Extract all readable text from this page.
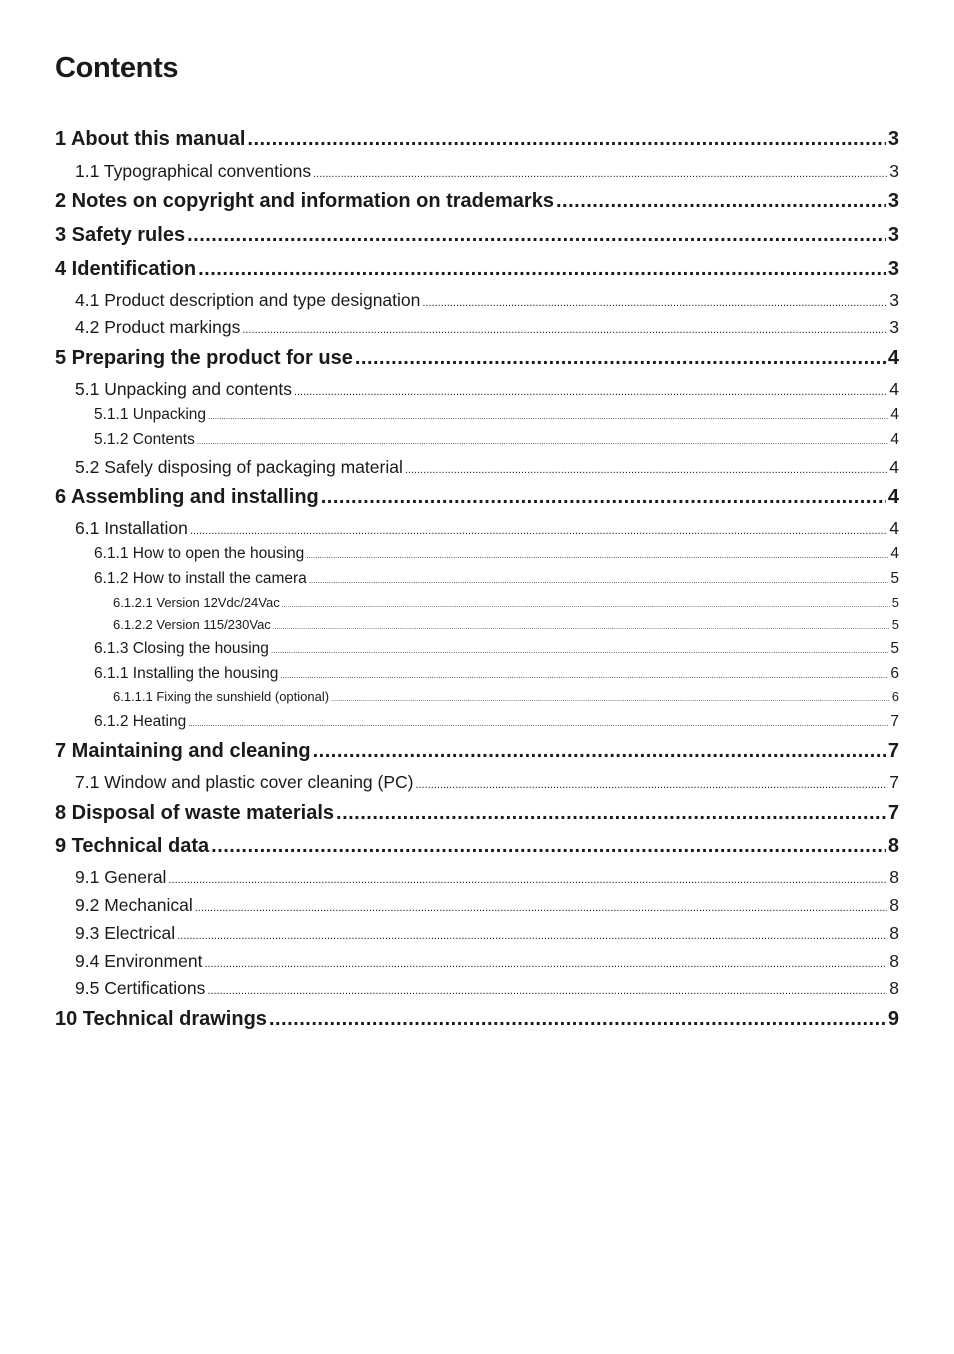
Contents
1 About this manual .....	3
1.1 Typographical conventions .....	3
2 Notes on copyright and information on trademarks .....	3
3 Safety rules .....	3
4 Identification .....	3
4.1 Product description and type designation .....	3
4.2 Product markings .....	3
5 Preparing the product for use .....	4
5.1 Unpacking and contents .....	4
5.1.1 Unpacking .....	4
5.1.2 Contents .....	4
5.2 Safely disposing of packaging material .....	4
6 Assembling and installing .....	4
6.1 Installation .....	4
6.1.1 How to open the housing .....	4
6.1.2 How to install the camera .....	5
6.1.2.1 Version 12Vdc/24Vac .....	5
6.1.2.2 Version 115/230Vac .....	5
6.1.3 Closing the housing .....	5
6.1.1 Installing the housing .....	6
6.1.1.1 Fixing the sunshield (optional) .....	6
6.1.2 Heating .....	7
7 Maintaining and cleaning .....	7
7.1 Window and plastic cover cleaning (PC) .....	7
8 Disposal of waste materials .....	7
9 Technical data .....	8
9.1 General .....	8
9.2 Mechanical .....	8
9.3 Electrical .....	8
9.4 Environment .....	8
9.5 Certifications .....	8
10 Technical drawings .....	9
